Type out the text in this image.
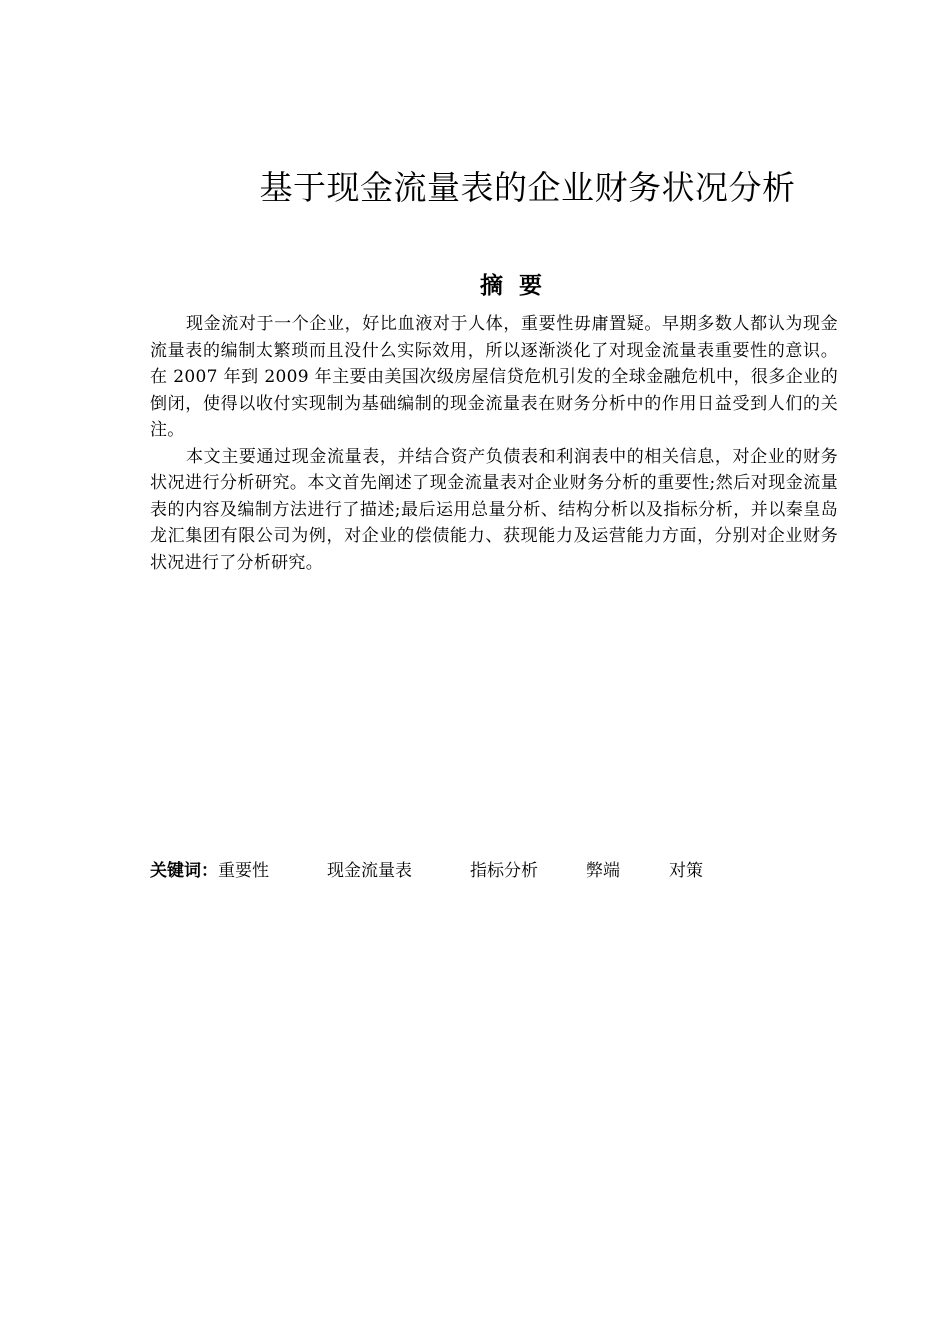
基于现金流量表的企业财务状况分析
摘要

现金流对于一个企业，好比血液对于人体，重要性毋庸置疑。早期多数人都认为现金流量表的编制太繁琐而且没什么实际效用，所以逐渐淡化了对现金流量表重要性的意识。在 2007 年到 2009 年主要由美国次级房屋信贷危机引发的全球金融危机中，很多企业的倒闭，使得以收付实现制为基础编制的现金流量表在财务分析中的作用日益受到人们的关注。

本文主要通过现金流量表，并结合资产负债表和利润表中的相关信息，对企业的财务状况进行分析研究。本文首先阐述了现金流量表对企业财务分析的重要性;然后对现金流量表的内容及编制方法进行了描述;最后运用总量分析、结构分析以及指标分析，并以秦皇岛龙汇集团有限公司为例，对企业的偿债能力、获现能力及运营能力方面，分别对企业财务状况进行了分析研究。

关键词： 重要性	现金流量表	指标分析	弊端	对策
